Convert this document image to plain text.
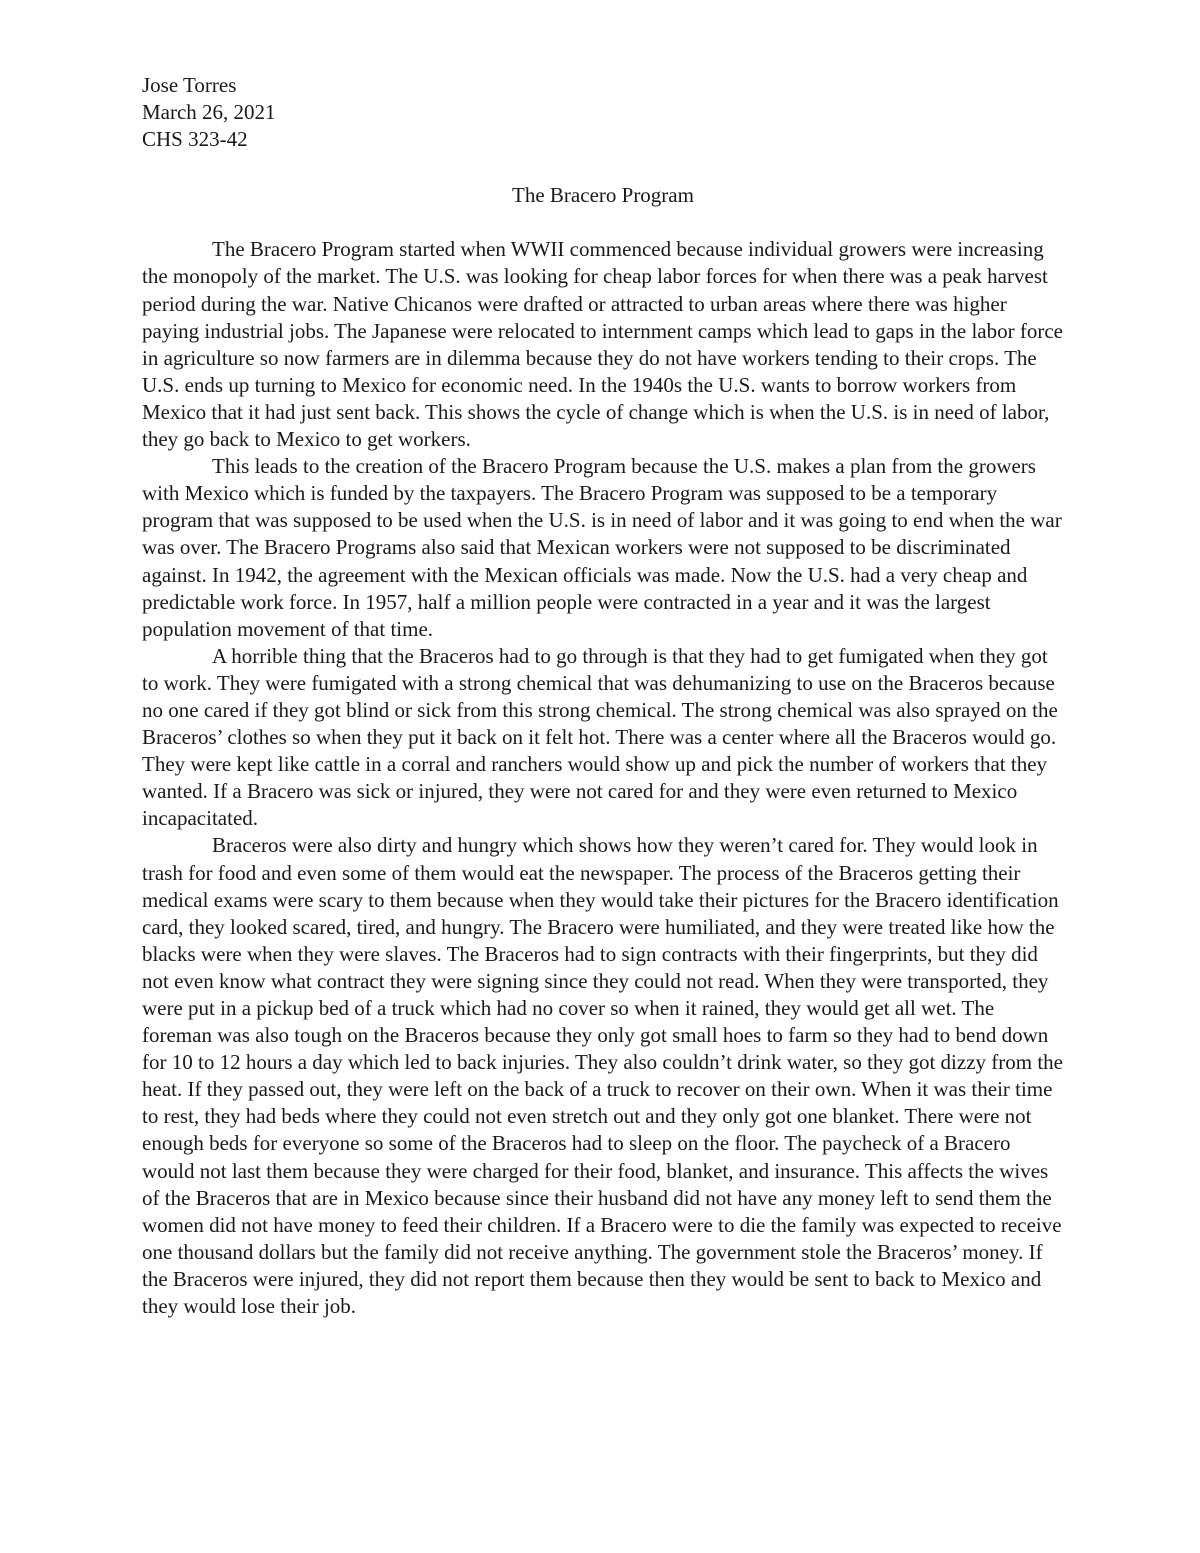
Jose Torres
March 26, 2021
CHS 323-42
The Bracero Program

The Bracero Program started when WWII commenced because individual growers were increasing the monopoly of the market. The U.S. was looking for cheap labor forces for when there was a peak harvest period during the war. Native Chicanos were drafted or attracted to urban areas where there was higher paying industrial jobs. The Japanese were relocated to internment camps which lead to gaps in the labor force in agriculture so now farmers are in dilemma because they do not have workers tending to their crops. The U.S. ends up turning to Mexico for economic need. In the 1940s the U.S. wants to borrow workers from Mexico that it had just sent back. This shows the cycle of change which is when the U.S. is in need of labor, they go back to Mexico to get workers.

This leads to the creation of the Bracero Program because the U.S. makes a plan from the growers with Mexico which is funded by the taxpayers. The Bracero Program was supposed to be a temporary program that was supposed to be used when the U.S. is in need of labor and it was going to end when the war was over. The Bracero Programs also said that Mexican workers were not supposed to be discriminated against. In 1942, the agreement with the Mexican officials was made. Now the U.S. had a very cheap and predictable work force. In 1957, half a million people were contracted in a year and it was the largest population movement of that time.

A horrible thing that the Braceros had to go through is that they had to get fumigated when they got to work. They were fumigated with a strong chemical that was dehumanizing to use on the Braceros because no one cared if they got blind or sick from this strong chemical. The strong chemical was also sprayed on the Braceros’ clothes so when they put it back on it felt hot. There was a center where all the Braceros would go. They were kept like cattle in a corral and ranchers would show up and pick the number of workers that they wanted. If a Bracero was sick or injured, they were not cared for and they were even returned to Mexico incapacitated.

Braceros were also dirty and hungry which shows how they weren’t cared for. They would look in trash for food and even some of them would eat the newspaper. The process of the Braceros getting their medical exams were scary to them because when they would take their pictures for the Bracero identification card, they looked scared, tired, and hungry. The Bracero were humiliated, and they were treated like how the blacks were when they were slaves. The Braceros had to sign contracts with their fingerprints, but they did not even know what contract they were signing since they could not read. When they were transported, they were put in a pickup bed of a truck which had no cover so when it rained, they would get all wet. The foreman was also tough on the Braceros because they only got small hoes to farm so they had to bend down for 10 to 12 hours a day which led to back injuries. They also couldn’t drink water, so they got dizzy from the heat. If they passed out, they were left on the back of a truck to recover on their own. When it was their time to rest, they had beds where they could not even stretch out and they only got one blanket. There were not enough beds for everyone so some of the Braceros had to sleep on the floor. The paycheck of a Bracero would not last them because they were charged for their food, blanket, and insurance. This affects the wives of the Braceros that are in Mexico because since their husband did not have any money left to send them the women did not have money to feed their children. If a Bracero were to die the family was expected to receive one thousand dollars but the family did not receive anything. The government stole the Braceros’ money. If the Braceros were injured, they did not report them because then they would be sent to back to Mexico and they would lose their job.
